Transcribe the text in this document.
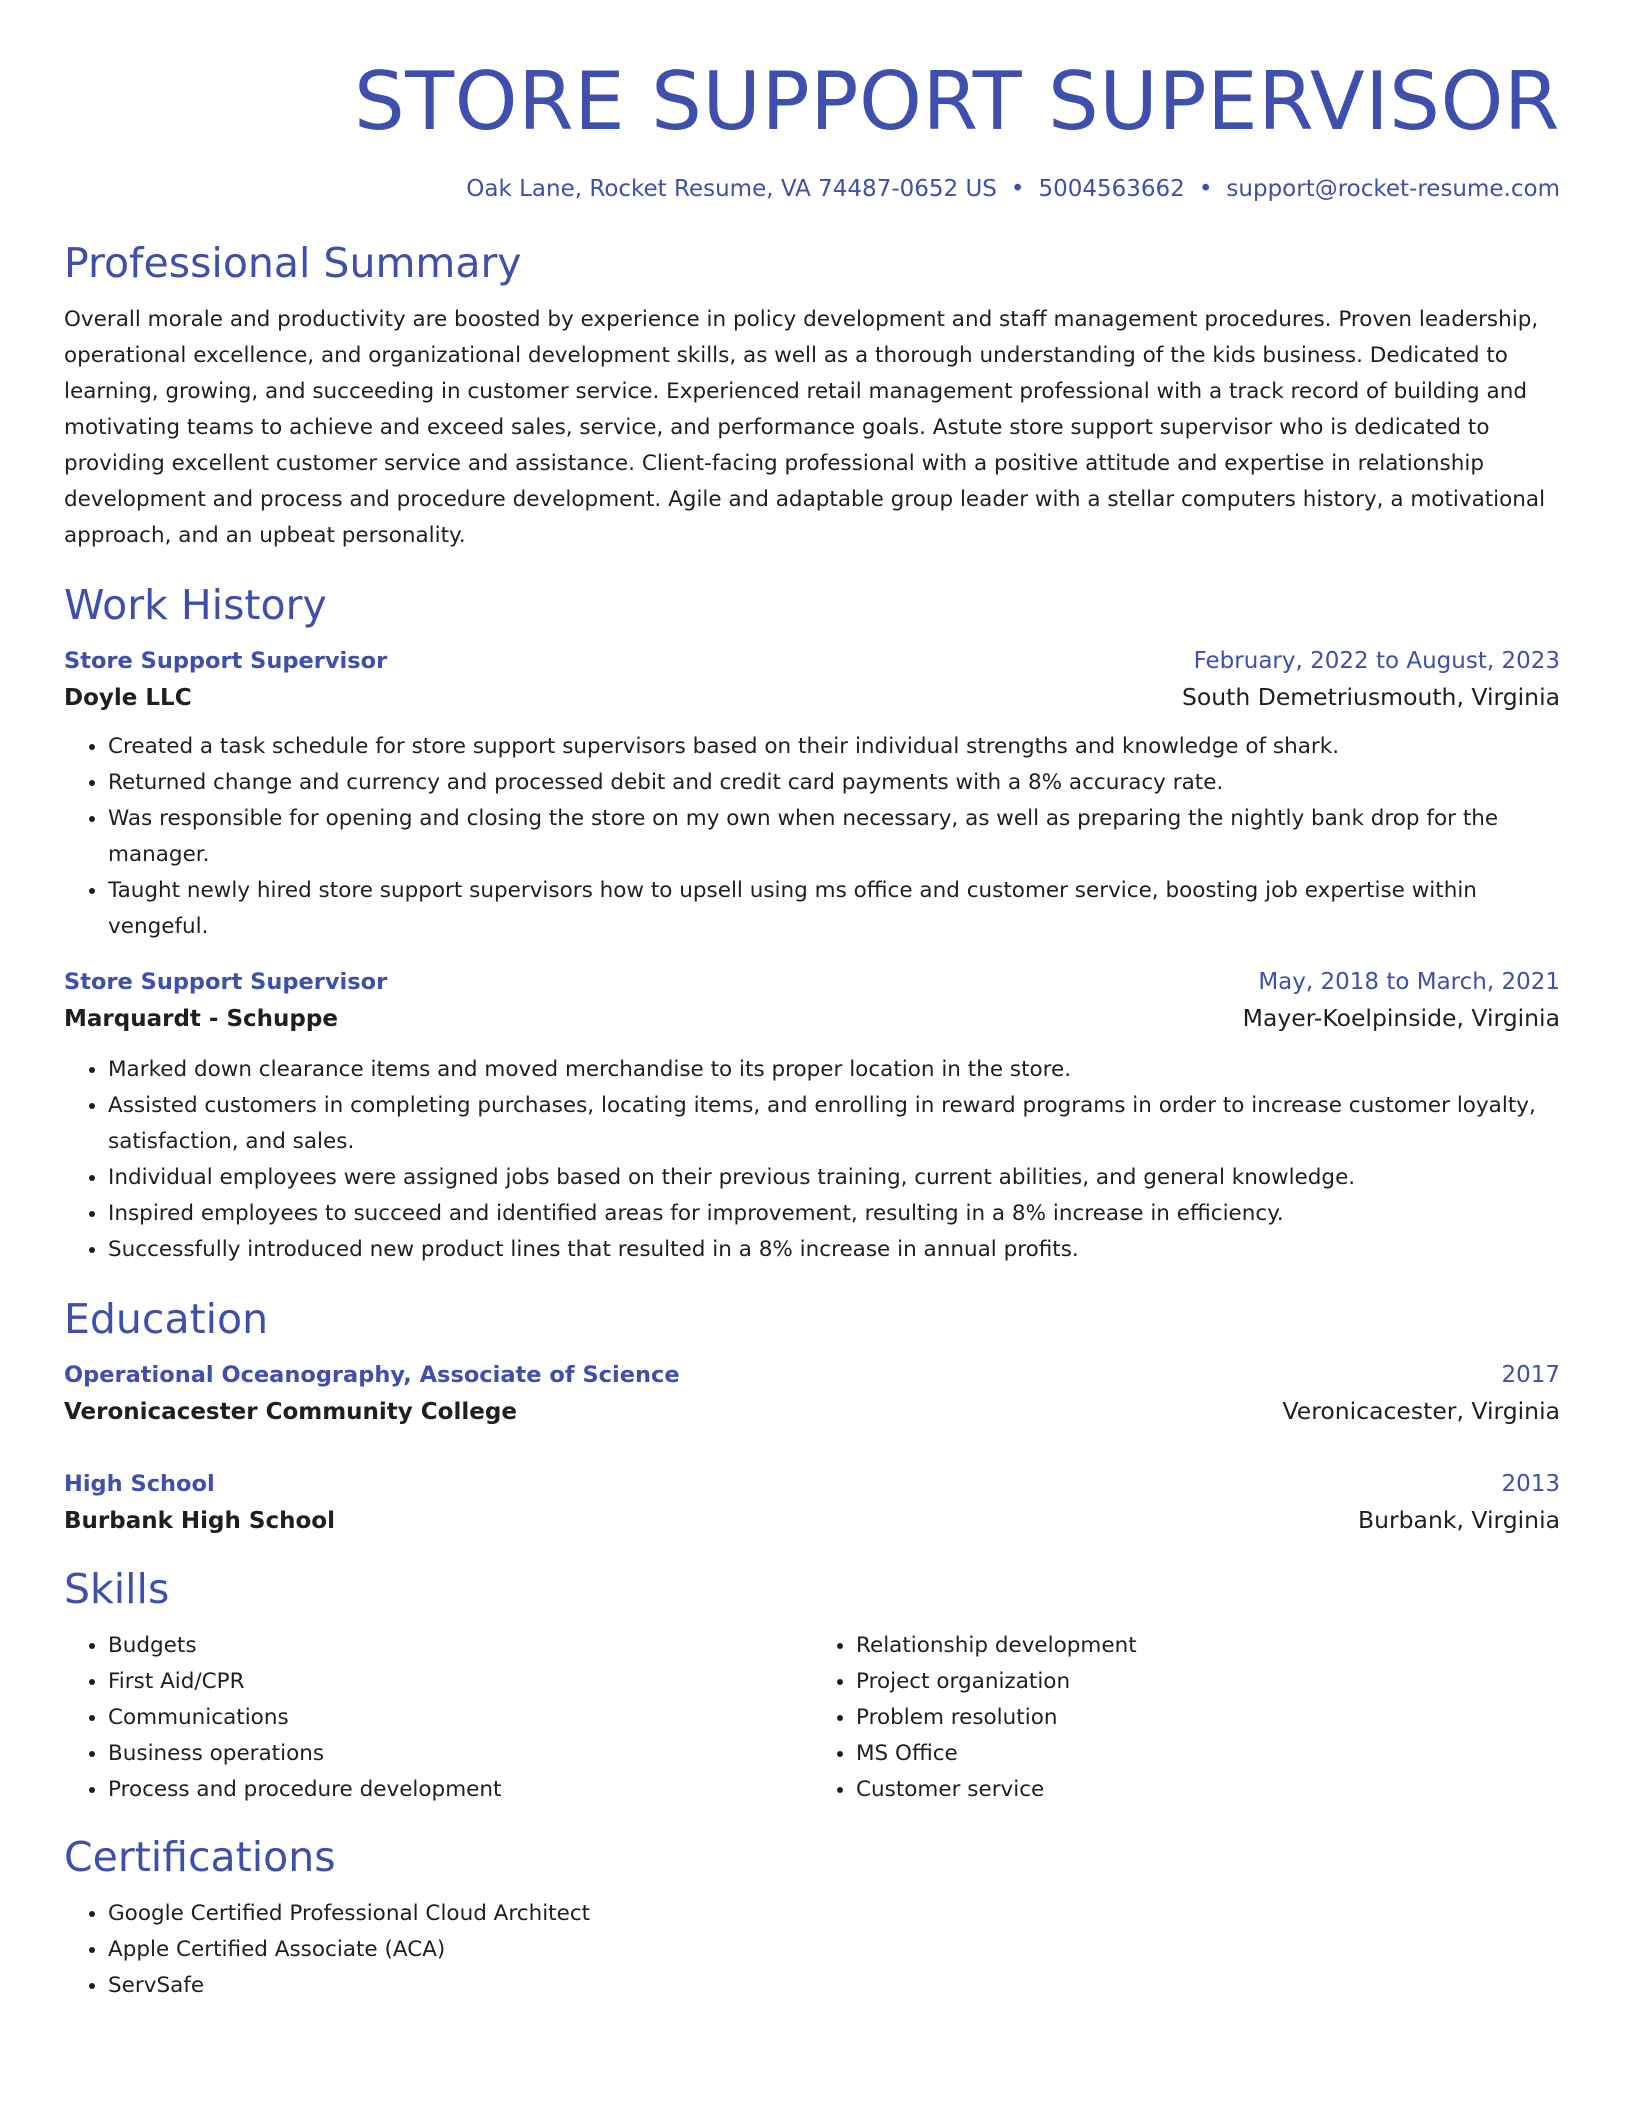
STORE SUPPORT SUPERVISOR
Oak Lane, Rocket Resume, VA 74487-0652 US • 5004563662 • support@rocket-resume.com
Professional Summary

Overall morale and productivity are boosted by experience in policy development and staff management procedures. Proven leadership, operational excellence, and organizational development skills, as well as a thorough understanding of the kids business. Dedicated to learning, growing, and succeeding in customer service. Experienced retail management professional with a track record of building and motivating teams to achieve and exceed sales, service, and performance goals. Astute store support supervisor who is dedicated to providing excellent customer service and assistance. Client-facing professional with a positive attitude and expertise in relationship development and process and procedure development. Agile and adaptable group leader with a stellar computers history, a motivational approach, and an upbeat personality.

Work History
Store Support Supervisor	February, 2022 to August, 2023
Doyle LLC	South Demetriusmouth, Virginia
• Created a task schedule for store support supervisors based on their individual strengths and knowledge of shark.
• Returned change and currency and processed debit and credit card payments with a 8% accuracy rate.
• Was responsible for opening and closing the store on my own when necessary, as well as preparing the nightly bank drop for the manager.
• Taught newly hired store support supervisors how to upsell using ms office and customer service, boosting job expertise within vengeful.
Store Support Supervisor	May, 2018 to March, 2021
Marquardt - Schuppe	Mayer-Koelpinside, Virginia
• Marked down clearance items and moved merchandise to its proper location in the store.
• Assisted customers in completing purchases, locating items, and enrolling in reward programs in order to increase customer loyalty, satisfaction, and sales.
• Individual employees were assigned jobs based on their previous training, current abilities, and general knowledge.
• Inspired employees to succeed and identified areas for improvement, resulting in a 8% increase in efficiency.
• Successfully introduced new product lines that resulted in a 8% increase in annual profits.
Education
Operational Oceanography, Associate of Science	2017
Veronicacester Community College	Veronicacester, Virginia
High School	2013
Burbank High School	Burbank, Virginia
Skills
• Budgets
• First Aid/CPR
• Communications
• Business operations
• Process and procedure development
• Relationship development
• Project organization
• Problem resolution
• MS Office
• Customer service
Certifications
• Google Certified Professional Cloud Architect
• Apple Certified Associate (ACA)
• ServSafe
